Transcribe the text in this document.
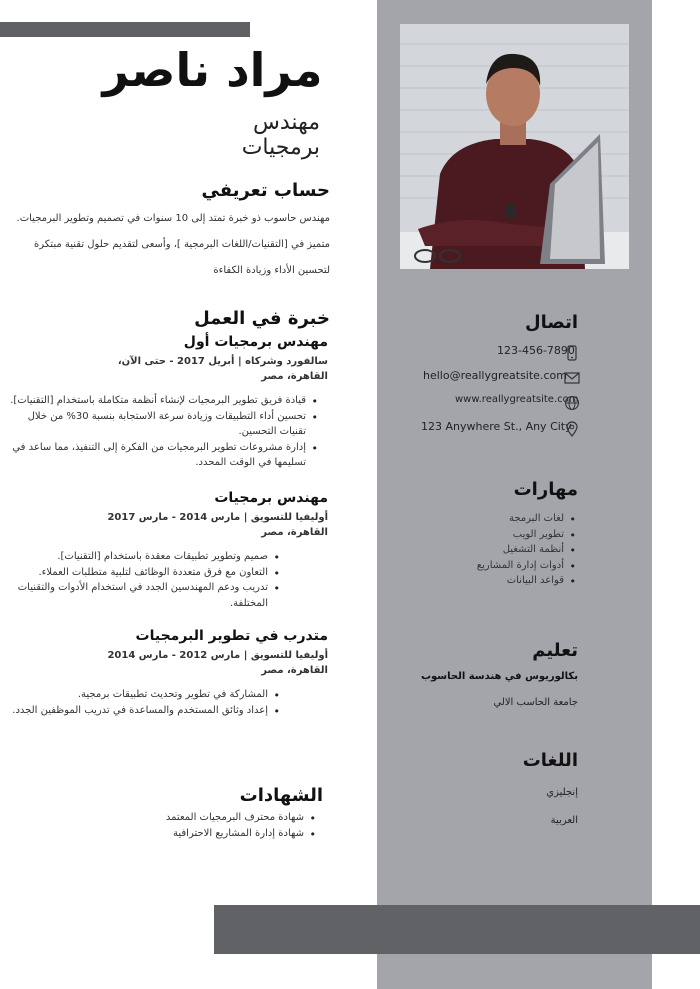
مراد ناصر
مهندس برمجيات
حساب تعريفي
مهندس حاسوب ذو خبرة تمتد إلى 10 سنوات في تصميم وتطوير البرمجيات.
متميز في [التقنيات/اللغات البرمجية ]، وأسعى لتقديم حلول تقنية مبتكرة
لتحسين الأداء وزيادة الكفاءة
خبرة في العمل
مهندس برمجيات أول
سالفورد وشركاه | أبريل 2017 - حتى الآن،
القاهرة، مصر
• قيادة فريق تطوير البرمجيات لإنشاء أنظمة متكاملة باستخدام [التقنيات].
• تحسين أداء التطبيقات وزيادة سرعة الاستجابة بنسبة 30% من خلال تقنيات التحسين.
• إدارة مشروعات تطوير البرمجيات من الفكرة إلى التنفيذ، مما ساعد في تسليمها في الوقت المحدد.
مهندس برمجيات
أوليفيا للتسويق | مارس 2014 - مارس 2017
القاهرة، مصر
• صميم وتطوير تطبيقات معقدة باستخدام [التقنيات].
• التعاون مع فرق متعددة الوظائف لتلبية متطلبات العملاء.
• تدريب ودعم المهندسين الجدد في استخدام الأدوات والتقنيات المختلفة.
متدرب في تطوير البرمجيات
أوليفيا للتسويق | مارس 2012 - مارس 2014
القاهرة، مصر
• المشاركة في تطوير وتحديث تطبيقات برمجية.
• إعداد وثائق المستخدم والمساعدة في تدريب الموظفين الجدد.
الشهادات
• شهادة محترف البرمجيات المعتمد
• شهادة إدارة المشاريع الاحترافية
اتصال
123-456-7890
hello@reallygreatsite.com
www.reallygreatsite.com
123 Anywhere St., Any City
مهارات
• لغات البرمجة
• تطوير الويب
• أنظمة التشغيل
• أدوات إدارة المشاريع
• قواعد البيانات
تعليم
بكالوريوس في هندسة الحاسوب
جامعة الحاسب الالي
اللغات
إنجليزي
العربية
حراج
